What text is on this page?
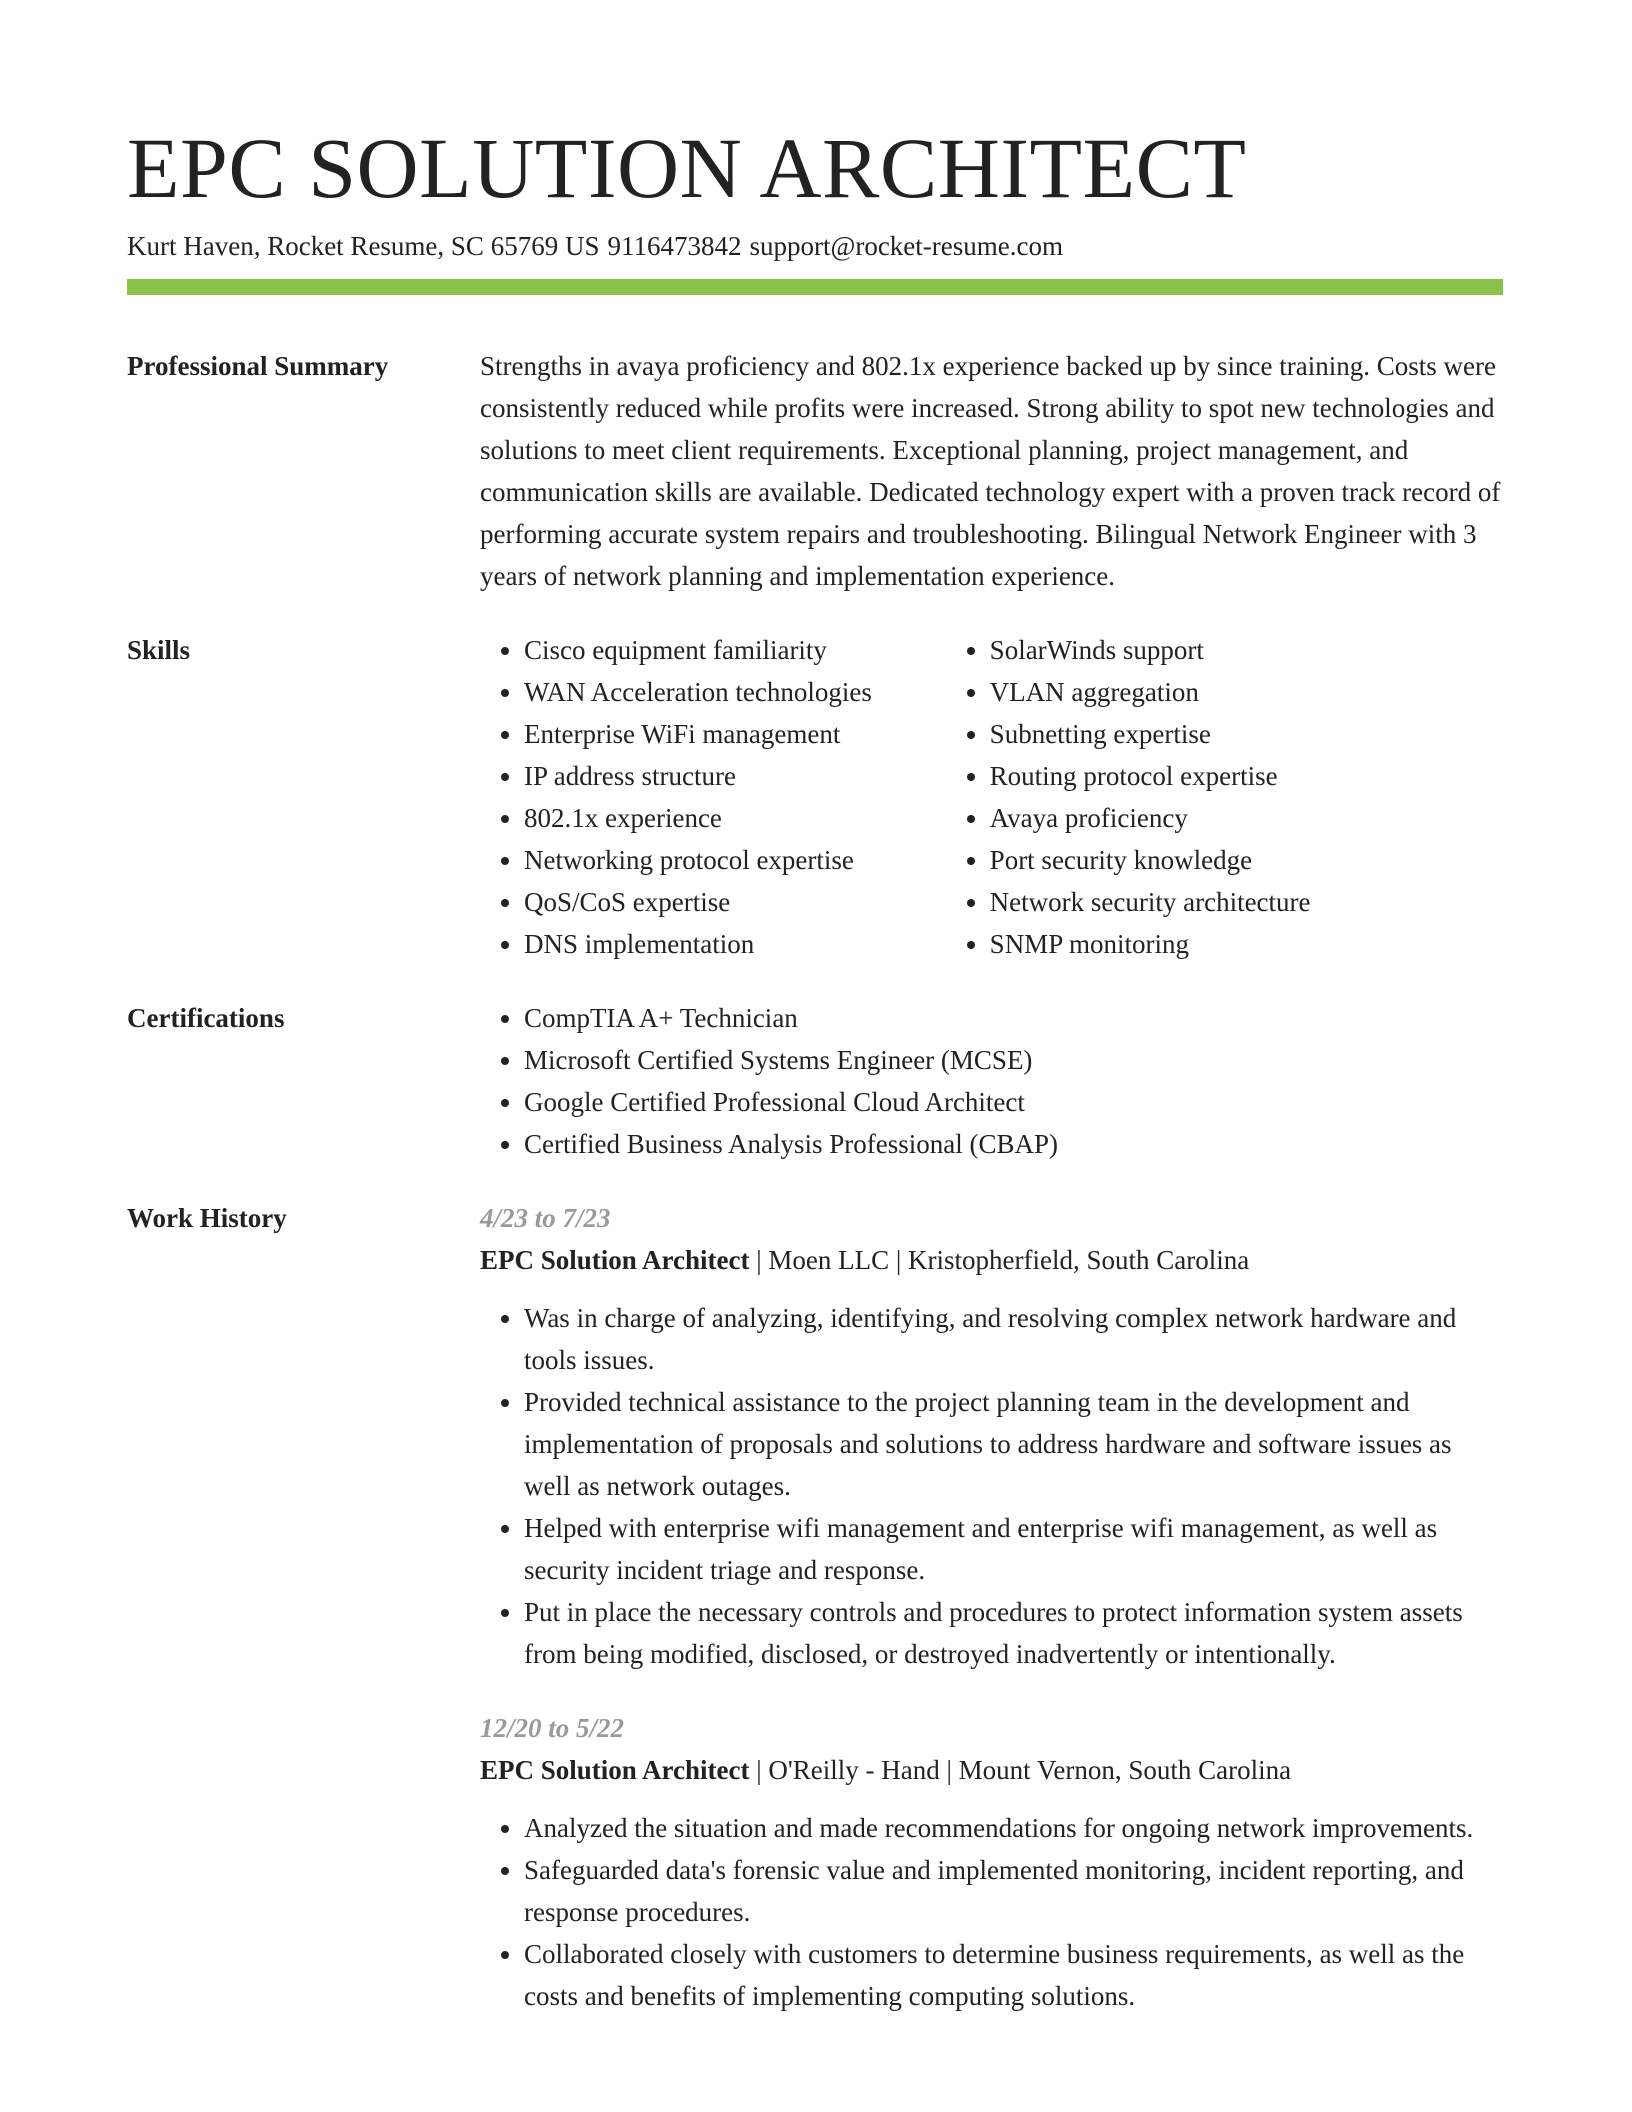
EPC SOLUTION ARCHITECT
Kurt Haven, Rocket Resume, SC 65769 US 9116473842 support@rocket-resume.com
Professional Summary	Strengths in avaya proficiency and 802.1x experience backed up by since training. Costs were consistently reduced while profits were increased. Strong ability to spot new technologies and solutions to meet client requirements. Exceptional planning, project management, and communication skills are available. Dedicated technology expert with a proven track record of performing accurate system repairs and troubleshooting. Bilingual Network Engineer with 3 years of network planning and implementation experience.

Skills	• Cisco equipment familiarity
• WAN Acceleration technologies
• Enterprise WiFi management
• IP address structure
• 802.1x experience
• Networking protocol expertise
• QoS/CoS expertise
• DNS implementation
• SolarWinds support
• VLAN aggregation
• Subnetting expertise
• Routing protocol expertise
• Avaya proficiency
• Port security knowledge
• Network security architecture
• SNMP monitoring
Certifications	• CompTIA A+ Technician
• Microsoft Certified Systems Engineer (MCSE)
• Google Certified Professional Cloud Architect
• Certified Business Analysis Professional (CBAP)
Work History	4/23 to 7/23
EPC Solution Architect | Moen LLC | Kristopherfield, South Carolina
• Was in charge of analyzing, identifying, and resolving complex network hardware and tools issues.
• Provided technical assistance to the project planning team in the development and implementation of proposals and solutions to address hardware and software issues as well as network outages.
• Helped with enterprise wifi management and enterprise wifi management, as well as security incident triage and response.
• Put in place the necessary controls and procedures to protect information system assets from being modified, disclosed, or destroyed inadvertently or intentionally.
12/20 to 5/22
EPC Solution Architect | O'Reilly - Hand | Mount Vernon, South Carolina
• Analyzed the situation and made recommendations for ongoing network improvements.
• Safeguarded data's forensic value and implemented monitoring, incident reporting, and response procedures.
• Collaborated closely with customers to determine business requirements, as well as the costs and benefits of implementing computing solutions.
